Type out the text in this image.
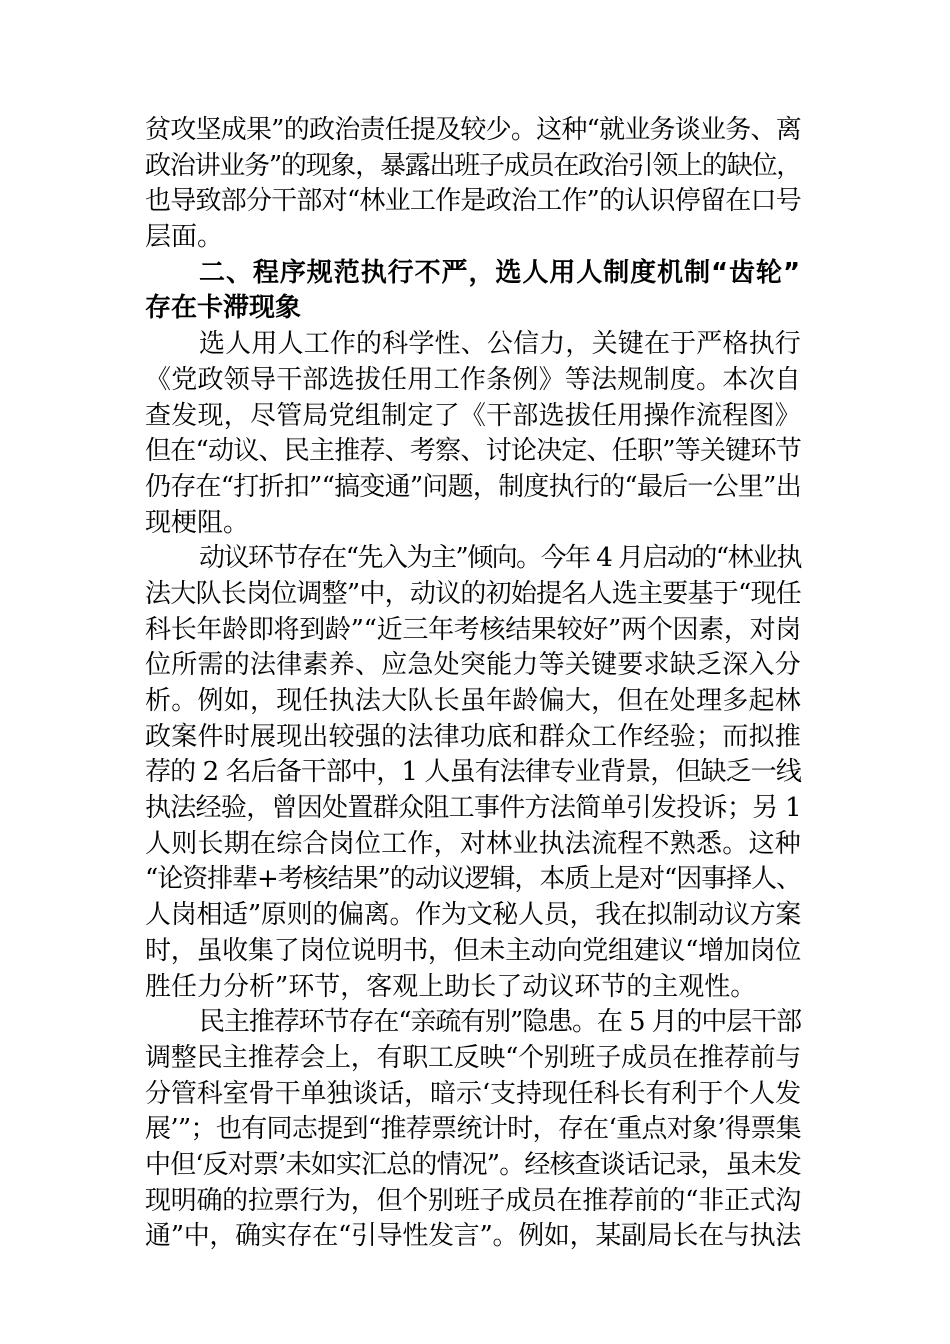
贫攻坚成果”的政治责任提及较少。这种“就业务谈业务、离
政治讲业务”的现象，暴露出班子成员在政治引领上的缺位，
也导致部分干部对“林业工作是政治工作”的认识停留在口号
层面。
二、程序规范执行不严，选人用人制度机制“齿轮”
存在卡滞现象
选人用人工作的科学性、公信力，关键在于严格执行
《党政领导干部选拔任用工作条例》等法规制度。本次自
查发现，尽管局党组制定了《干部选拔任用操作流程图》
但在“动议、民主推荐、考察、讨论决定、任职”等关键环节
仍存在“打折扣”“搞变通”问题，制度执行的“最后一公里”出
现梗阻。
动议环节存在“先入为主”倾向。今年 4 月启动的“林业执
法大队长岗位调整”中，动议的初始提名人选主要基于“现任
科长年龄即将到龄”“近三年考核结果较好”两个因素，对岗
位所需的法律素养、应急处突能力等关键要求缺乏深入分
析。例如，现任执法大队长虽年龄偏大，但在处理多起林
政案件时展现出较强的法律功底和群众工作经验；而拟推
荐的 2 名后备干部中，1 人虽有法律专业背景，但缺乏一线
执法经验，曾因处置群众阻工事件方法简单引发投诉；另 1
人则长期在综合岗位工作，对林业执法流程不熟悉。这种
“论资排辈+考核结果”的动议逻辑，本质上是对“因事择人、
人岗相适”原则的偏离。作为文秘人员，我在拟制动议方案
时，虽收集了岗位说明书，但未主动向党组建议“增加岗位
胜任力分析”环节，客观上助长了动议环节的主观性。
民主推荐环节存在“亲疏有别”隐患。在 5 月的中层干部
调整民主推荐会上，有职工反映“个别班子成员在推荐前与
分管科室骨干单独谈话，暗示‘支持现任科长有利于个人发
展’”；也有同志提到“推荐票统计时，存在‘重点对象’得票集
中但‘反对票’未如实汇总的情况”。经核查谈话记录，虽未发
现明确的拉票行为，但个别班子成员在推荐前的“非正式沟
通”中，确实存在“引导性发言”。例如，某副局长在与执法
